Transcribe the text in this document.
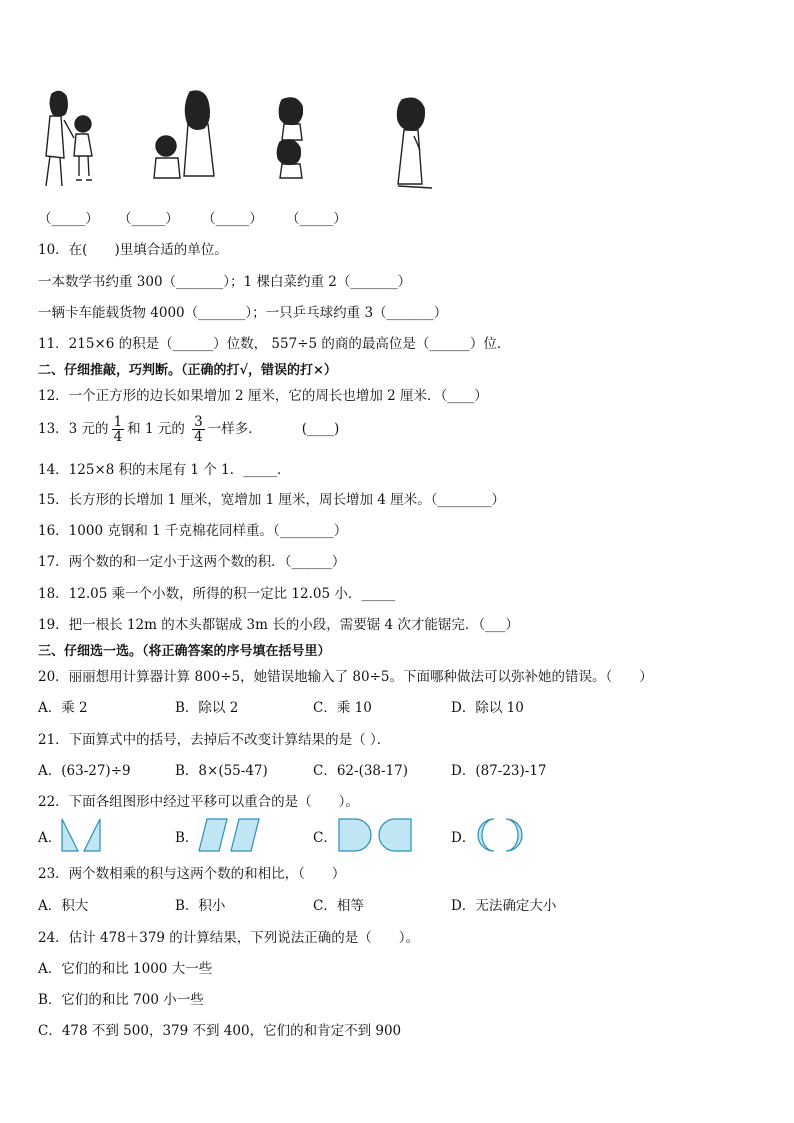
（_____） （_____） （_____） （_____）
10．在(　　)里填合适的单位。
一本数学书约重 300（_______）；1 棵白菜约重 2（_______）
一辆卡车能载货物 4000（_______）；一只乒乓球约重 3（_______）
11．215×6 的积是（______）位数， 557÷5 的商的最高位是（______）位．
二、仔细推敲，巧判断。（正确的打√，错误的打×）
12．一个正方形的边长如果增加 2 厘米，它的周长也增加 2 厘米．（____）
13．3 元的 $\frac{1}{4}$ 和 1 元的 $\frac{3}{4}$ 一样多．	(____)
14．125×8 积的末尾有 1 个 1．_____．
15．长方形的长增加 1 厘米，宽增加 1 厘米，周长增加 4 厘米。（________）
16．1000 克钢和 1 千克棉花同样重。（________）
17．两个数的和一定小于这两个数的积．（______）
18．12.05 乘一个小数，所得的积一定比 12.05 小．_____
19．把一根长 12m 的木头都锯成 3m 长的小段，需要锯 4 次才能锯完．（___）
三、仔细选一选。（将正确答案的序号填在括号里）
20．丽丽想用计算器计算 800÷5，她错误地输入了 80÷5。下面哪种做法可以弥补她的错误。（　　）
A．乘 2	B．除以 2	C．乘 10	D．除以 10
21．下面算式中的括号，去掉后不改变计算结果的是（ ）．
A．(63-27)÷9	B．8×(55-47)	C．62-(38-17)	D．(87-23)-17
22．下面各组图形中经过平移可以重合的是（　　）。
A．	B．	C．	D．
23．两个数相乘的积与这两个数的和相比，（　　）
A．积大	B．积小	C．相等	D．无法确定大小
24．估计 478＋379 的计算结果，下列说法正确的是（　　）。
A．它们的和比 1000 大一些
B．它们的和比 700 小一些
C．478 不到 500，379 不到 400，它们的和肯定不到 900
